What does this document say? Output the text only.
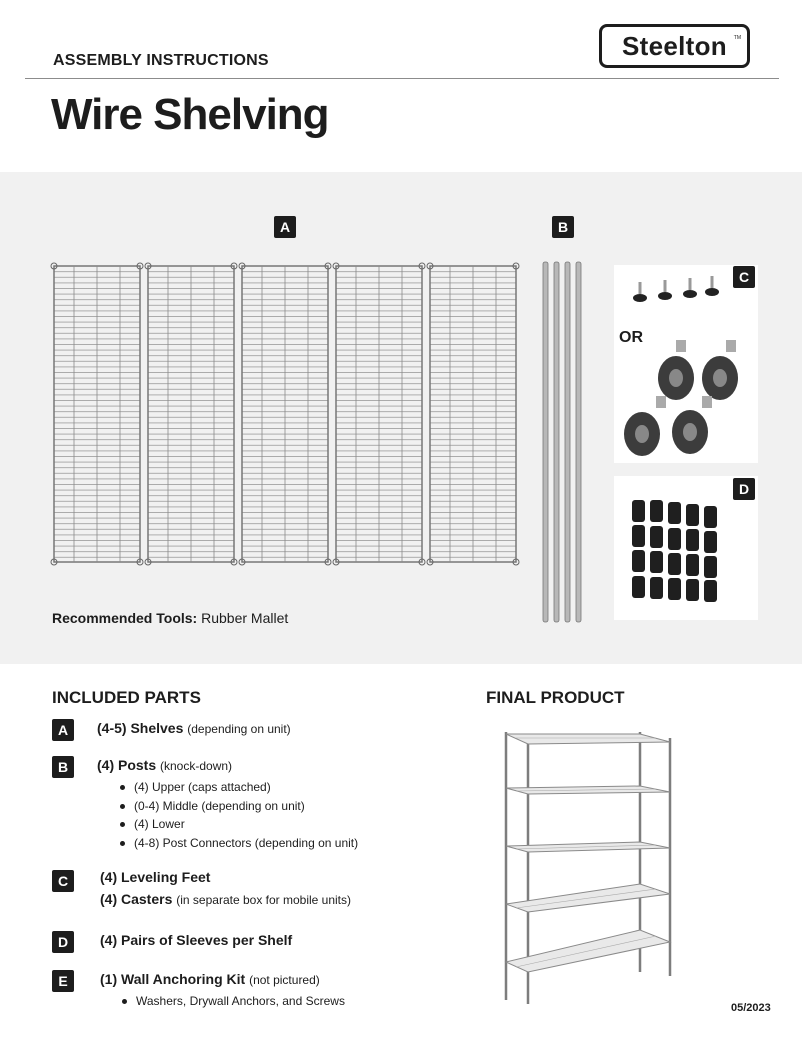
ASSEMBLY INSTRUCTIONS
Wire Shelving
Steelton TM
A	B
C
OR
D
Recommended Tools: Rubber Mallet
INCLUDED PARTS
A	(4-5) Shelves (depending on unit)
B	(4) Posts (knock-down)
(4) Upper (caps attached)
(0-4) Middle (depending on unit)
(4) Lower
(4-8) Post Connectors (depending on unit)
C	(4) Leveling Feet
(4) Casters (in separate box for mobile units)
D	(4) Pairs of Sleeves per Shelf
E	(1) Wall Anchoring Kit (not pictured)
Washers, Drywall Anchors, and Screws
FINAL PRODUCT
05/2023
